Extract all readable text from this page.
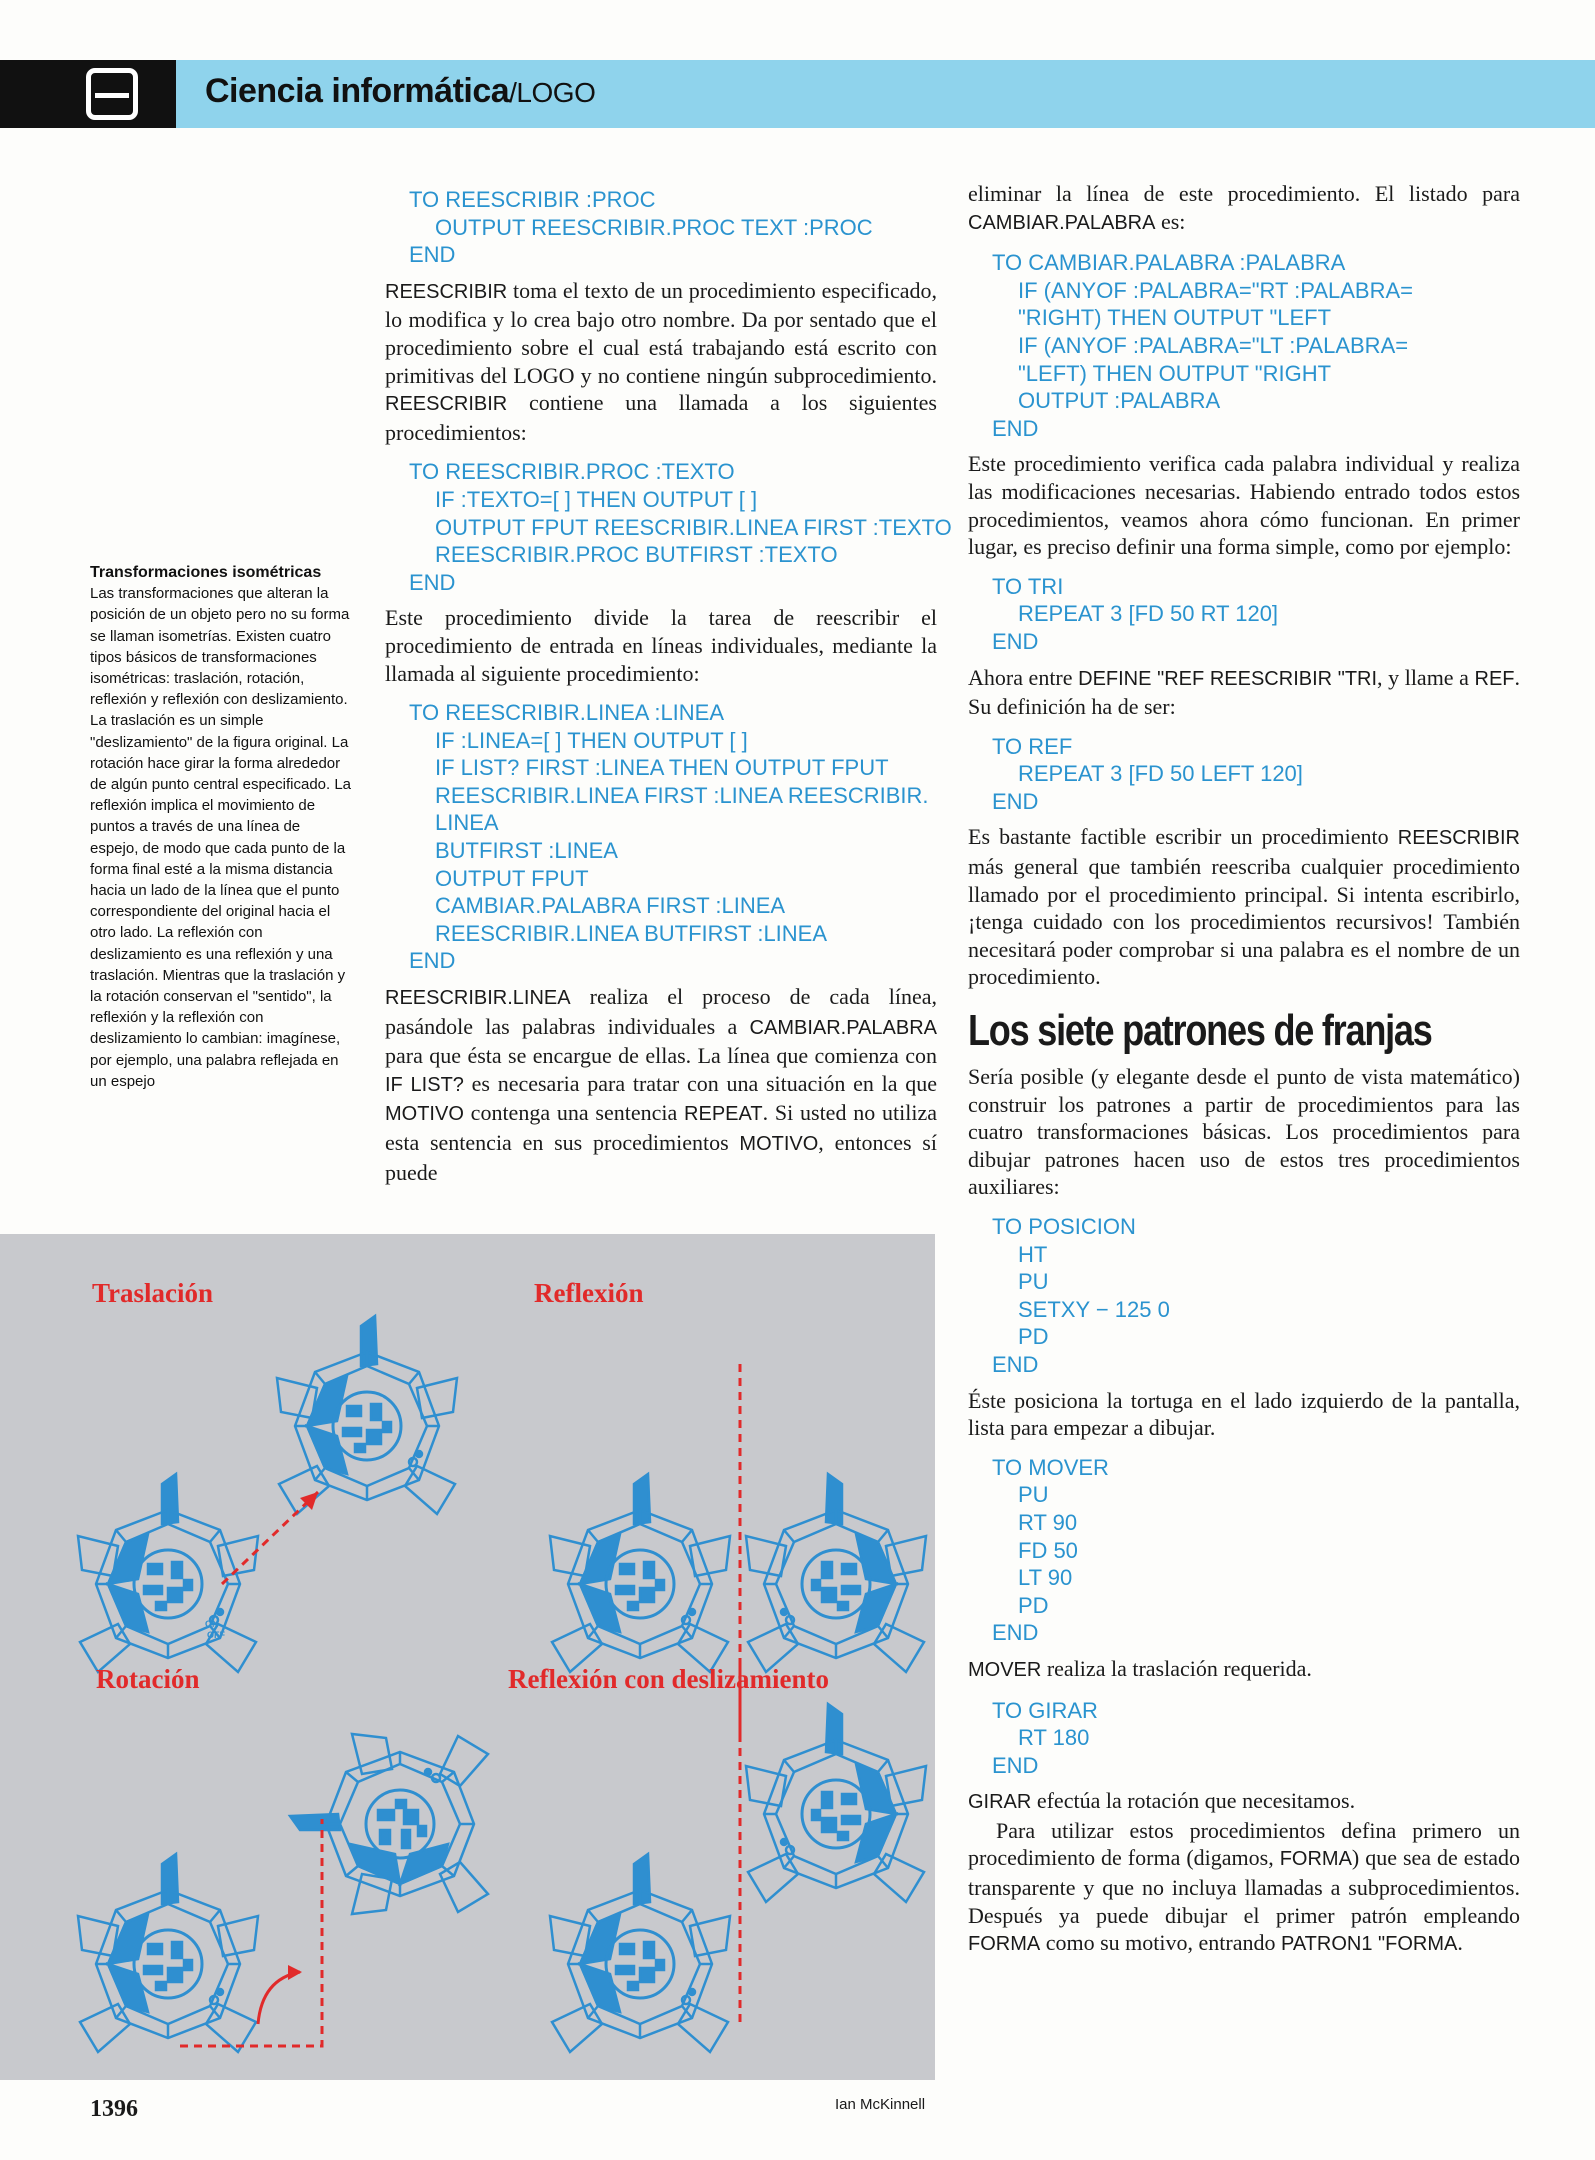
Ciencia informática/LOGO
Transformaciones isométricas
Las transformaciones que alteran la posición de un objeto pero no su forma se llaman isometrías. Existen cuatro tipos básicos de transformaciones isométricas: traslación, rotación, reflexión y reflexión con deslizamiento. La traslación es un simple "deslizamiento" de la figura original. La rotación hace girar la forma alrededor de algún punto central especificado. La reflexión implica el movimiento de puntos a través de una línea de espejo, de modo que cada punto de la forma final esté a la misma distancia hacia un lado de la línea que el punto correspondiente del original hacia el otro lado. La reflexión con deslizamiento es una reflexión y una traslación. Mientras que la traslación y la rotación conservan el "sentido", la reflexión y la reflexión con deslizamiento lo cambian: imagínese, por ejemplo, una palabra reflejada en un espejo
TO REESCRIBIR :PROC
OUTPUT REESCRIBIR.PROC TEXT :PROC
END

REESCRIBIR toma el texto de un procedimiento especificado, lo modifica y lo crea bajo otro nombre. Da por sentado que el procedimiento sobre el cual está trabajando está escrito con primitivas del LOGO y no contiene ningún subprocedimiento. REESCRIBIR contiene una llamada a los siguientes procedimientos:

TO REESCRIBIR.PROC :TEXTO
IF :TEXTO=[ ] THEN OUTPUT [ ]
OUTPUT FPUT REESCRIBIR.LINEA FIRST :TEXTO
REESCRIBIR.PROC BUTFIRST :TEXTO
END

Este procedimiento divide la tarea de reescribir el procedimiento de entrada en líneas individuales, mediante la llamada al siguiente procedimiento:

TO REESCRIBIR.LINEA :LINEA
IF :LINEA=[ ] THEN OUTPUT [ ]
IF LIST? FIRST :LINEA THEN OUTPUT FPUT
REESCRIBIR.LINEA FIRST :LINEA REESCRIBIR.
LINEA
BUTFIRST :LINEA
OUTPUT FPUT
CAMBIAR.PALABRA FIRST :LINEA
REESCRIBIR.LINEA BUTFIRST :LINEA
END

REESCRIBIR.LINEA realiza el proceso de cada línea, pasándole las palabras individuales a CAMBIAR.PALABRA para que ésta se encargue de ellas. La línea que comienza con IF LIST? es necesaria para tratar con una situación en la que MOTIVO contenga una sentencia REPEAT. Si usted no utiliza esta sentencia en sus procedimientos MOTIVO, entonces sí puede

eliminar la línea de este procedimiento. El listado para CAMBIAR.PALABRA es:

TO CAMBIAR.PALABRA :PALABRA
IF (ANYOF :PALABRA="RT :PALABRA=
"RIGHT) THEN OUTPUT "LEFT
IF (ANYOF :PALABRA="LT :PALABRA=
"LEFT) THEN OUTPUT "RIGHT
OUTPUT :PALABRA
END

Este procedimiento verifica cada palabra individual y realiza las modificaciones necesarias. Habiendo entrado todos estos procedimientos, veamos ahora cómo funcionan. En primer lugar, es preciso definir una forma simple, como por ejemplo:

TO TRI
REPEAT 3 [FD 50 RT 120]
END

Ahora entre DEFINE "REF REESCRIBIR "TRI, y llame a REF. Su definición ha de ser:

TO REF
REPEAT 3 [FD 50 LEFT 120]
END

Es bastante factible escribir un procedimiento REESCRIBIR más general que también reescriba cualquier procedimiento llamado por el procedimiento principal. Si intenta escribirlo, ¡tenga cuidado con los procedimientos recursivos! También necesitará poder comprobar si una palabra es el nombre de un procedimiento.

Los siete patrones de franjas

Sería posible (y elegante desde el punto de vista matemático) construir los patrones a partir de procedimientos para las cuatro transformaciones básicas. Los procedimientos para dibujar patrones hacen uso de estos tres procedimientos auxiliares:

TO POSICION
HT
PU
SETXY − 125 0
PD
END

Éste posiciona la tortuga en el lado izquierdo de la pantalla, lista para empezar a dibujar.

TO MOVER
PU
RT 90
FD 50
LT 90
PD
END

MOVER realiza la traslación requerida.

TO GIRAR
RT 180
END

GIRAR efectúa la rotación que necesitamos.

Para utilizar estos procedimientos defina primero un procedimiento de forma (digamos, FORMA) que sea de estado transparente y que no incluya llamadas a subprocedimientos. Después ya puede dibujar el primer patrón empleando FORMA como su motivo, entrando PATRON1 "FORMA.

Traslación	Reflexión
Rotación	Reflexión con deslizamiento
ON
OFF
1396	Ian McKinnell
